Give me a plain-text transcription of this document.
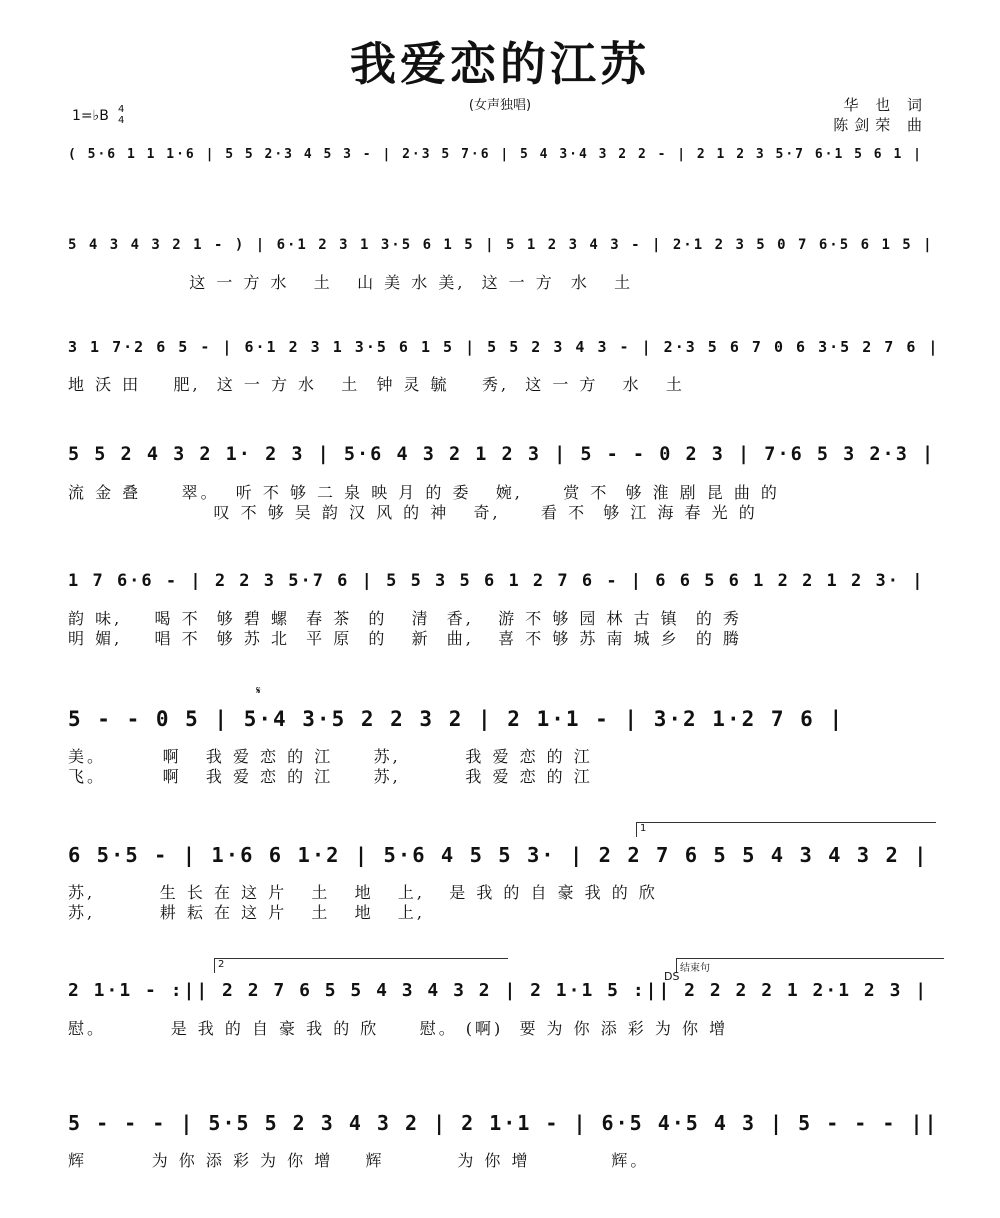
我爱恋的江苏
(女声独唱)	华 也 词
陈剑荣 曲
1=♭B 4
4
( 5·6 1 1 1·6 | 5 5 2·3 4 5 3 - | 2·3 5 7·6 | 5 4 3·4 3 2 2 - | 2 1 2 3 5·7 6·1 5 6 1 |
5 4 3 4 3 2 1 - ) | 6·1 2 3 1 3·5 6 1 5 | 5 1 2 3 4 3 - | 2·1 2 3 5 0 7 6·5 6 1 5 |
这 一 方 水   土   山 美 水 美,  这 一 方  水   土
3 1 7·2 6 5 - | 6·1 2 3 1 3·5 6 1 5 | 5 5 2 3 4 3 - | 2·3 5 6 7 0 6 3·5 2 7 6 |
地 沃 田    肥,  这 一 方 水   土  钟 灵 毓    秀,  这 一 方   水   土
5 5 2 4 3 2 1· 2 3 | 5·6 4 3 2 1 2 3 | 5 - - 0 2 3 | 7·6 5 3 2·3 |
流 金 叠     翠。  听 不 够 二 泉 映 月 的 委   婉,     赏 不  够 淮 剧 昆 曲 的
叹 不 够 吴 韵 汉 风 的 神   奇,     看 不  够 江 海 春 光 的
1 7 6·6 - | 2 2 3 5·7 6 | 5 5 3 5 6 1 2 7 6 - | 6 6 5 6 1 2 2 1 2 3· |
韵 味,    喝 不  够 碧 螺  春 茶  的   清  香,   游 不 够 园 林 古 镇  的 秀
明 媚,    唱 不  够 苏 北  平 原  的   新  曲,   喜 不 够 苏 南 城 乡  的 腾
𝄋
5 - - 0 5 | 5·4 3·5 2 2 3 2 | 2 1·1 - | 3·2 1·2 7 6 |
美。       啊   我 爱 恋 的 江     苏,        我 爱 恋 的 江
飞。       啊   我 爱 恋 的 江     苏,        我 爱 恋 的 江
1
6 5·5 - | 1·6 6 1·2 | 5·6 4 5 5 3· | 2 2 7 6 5 5 4 3 4 3 2 |
苏,        生 长 在 这 片   土   地   上,   是 我 的 自 豪 我 的 欣
苏,        耕 耘 在 这 片   土   地   上,
2	结束句
DS
2 1·1 - :|| 2 2 7 6 5 5 4 3 4 3 2 | 2 1·1 5 :|| 2 2 2 2 1 2·1 2 3 |
慰。        是 我 的 自 豪 我 的 欣     慰。 (啊)  要 为 你 添 彩 为 你 增
5 - - - | 5·5 5 2 3 4 3 2 | 2 1·1 - | 6·5 4·5 4 3 | 5 - - - ||
辉        为 你 添 彩 为 你 增    辉         为 你 增          辉。
